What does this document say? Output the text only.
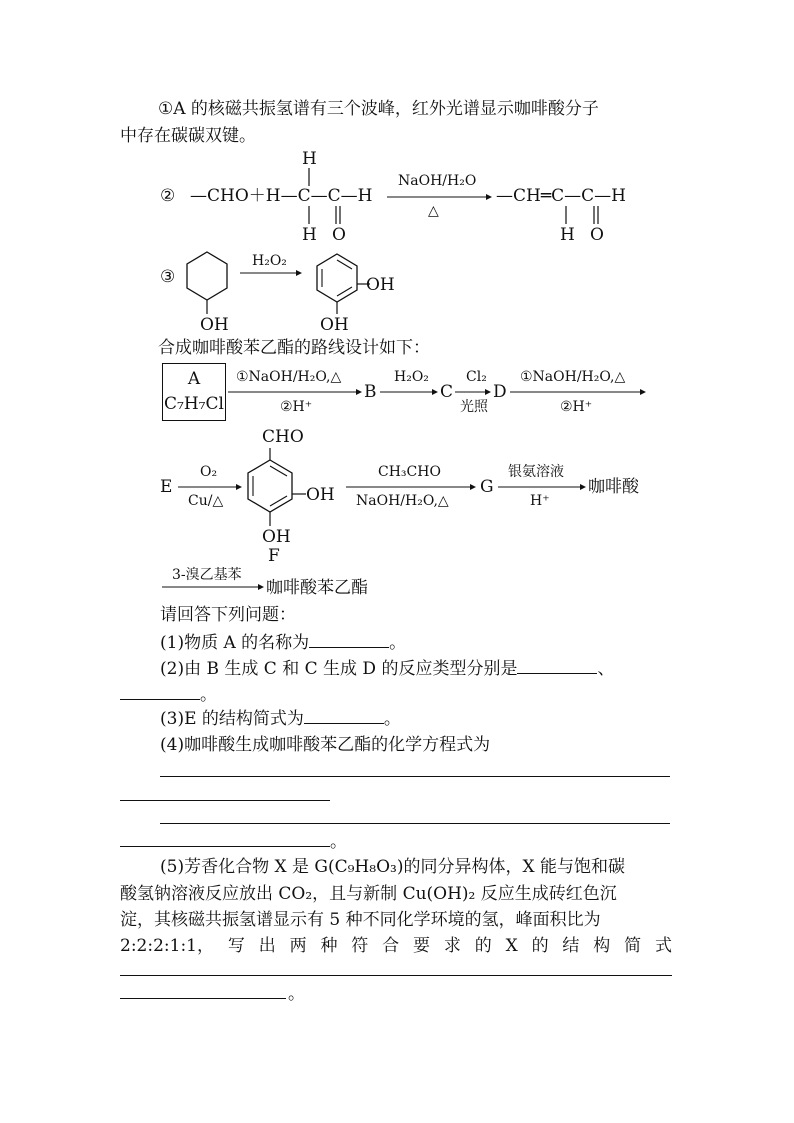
①A 的核磁共振氢谱有三个波峰，红外光谱显示咖啡酸分子
中存在碳碳双键。
② —CHO＋H—C—C—H
H
H O
NaOH/H₂O
△
—CH═C—C—H
H O
③
OH
H₂O₂
OH
OH
合成咖啡酸苯乙酯的路线设计如下：
A
C₇H₇Cl
①NaOH/H₂O,△
②H⁺
B
H₂O₂
C
Cl₂
光照
D
①NaOH/H₂O,△
②H⁺
E
O₂
Cu/△
CHO
OH
OH
F
CH₃CHO
NaOH/H₂O,△
G
银氨溶液
H⁺
咖啡酸
3-溴乙基苯
咖啡酸苯乙酯
请回答下列问题：
(1)物质 A 的名称为	。
(2)由 B 生成 C 和 C 生成 D 的反应类型分别是	、
。
(3)E 的结构简式为	。
(4)咖啡酸生成咖啡酸苯乙酯的化学方程式为
。
(5)芳香化合物 X 是 G(C₉H₈O₃)的同分异构体，X 能与饱和碳
酸氢钠溶液反应放出 CO₂，且与新制 Cu(OH)₂ 反应生成砖红色沉
淀，其核磁共振氢谱显示有 5 种不同化学环境的氢，峰面积比为
2:2:2:1:1， 写 出 两 种 符 合 要 求 的 X 的 结 构 简 式
。
